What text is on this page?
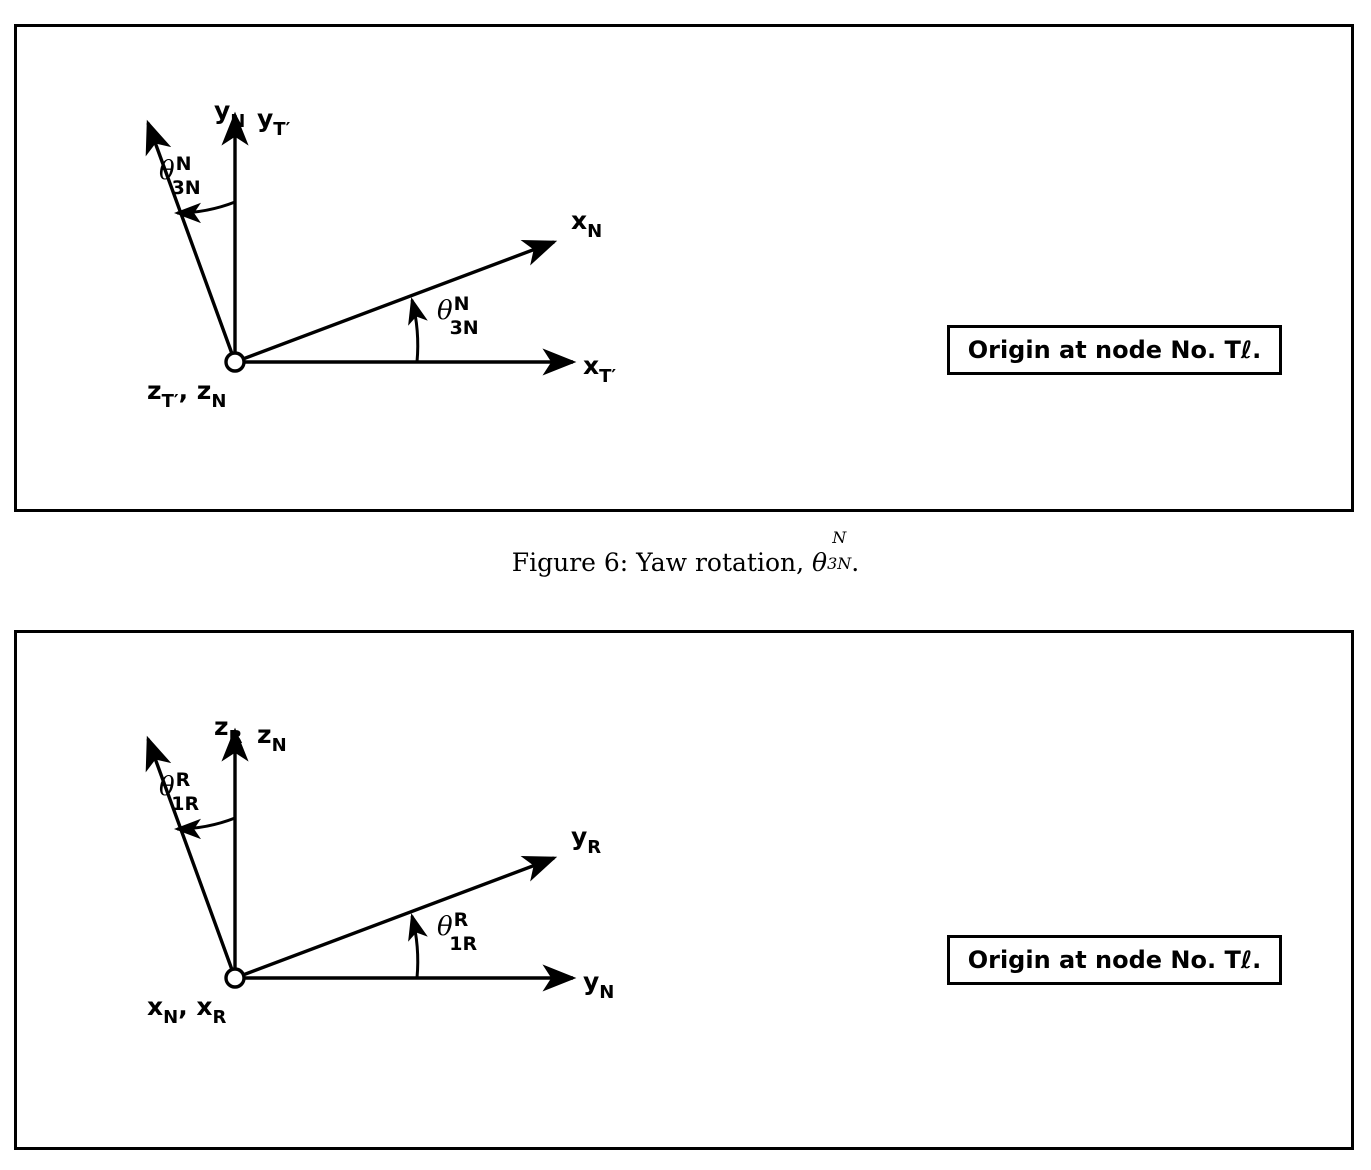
$y_{T'}$
$x_{T'}$
$y_N$
$x_N$
$z_{T'}$, $z_N$
$\theta^N$ 3N
$\theta^N$ 3N
Origin at node No. Tℓ.
Figure 6: Yaw rotation, θ
N
3N .
$z_N$
$y_N$
$z_R$
$y_R$
$x_N$, $x_R$
$\theta^R$ 1R
$\theta^R$ 1R
Origin at node No. Tℓ.
